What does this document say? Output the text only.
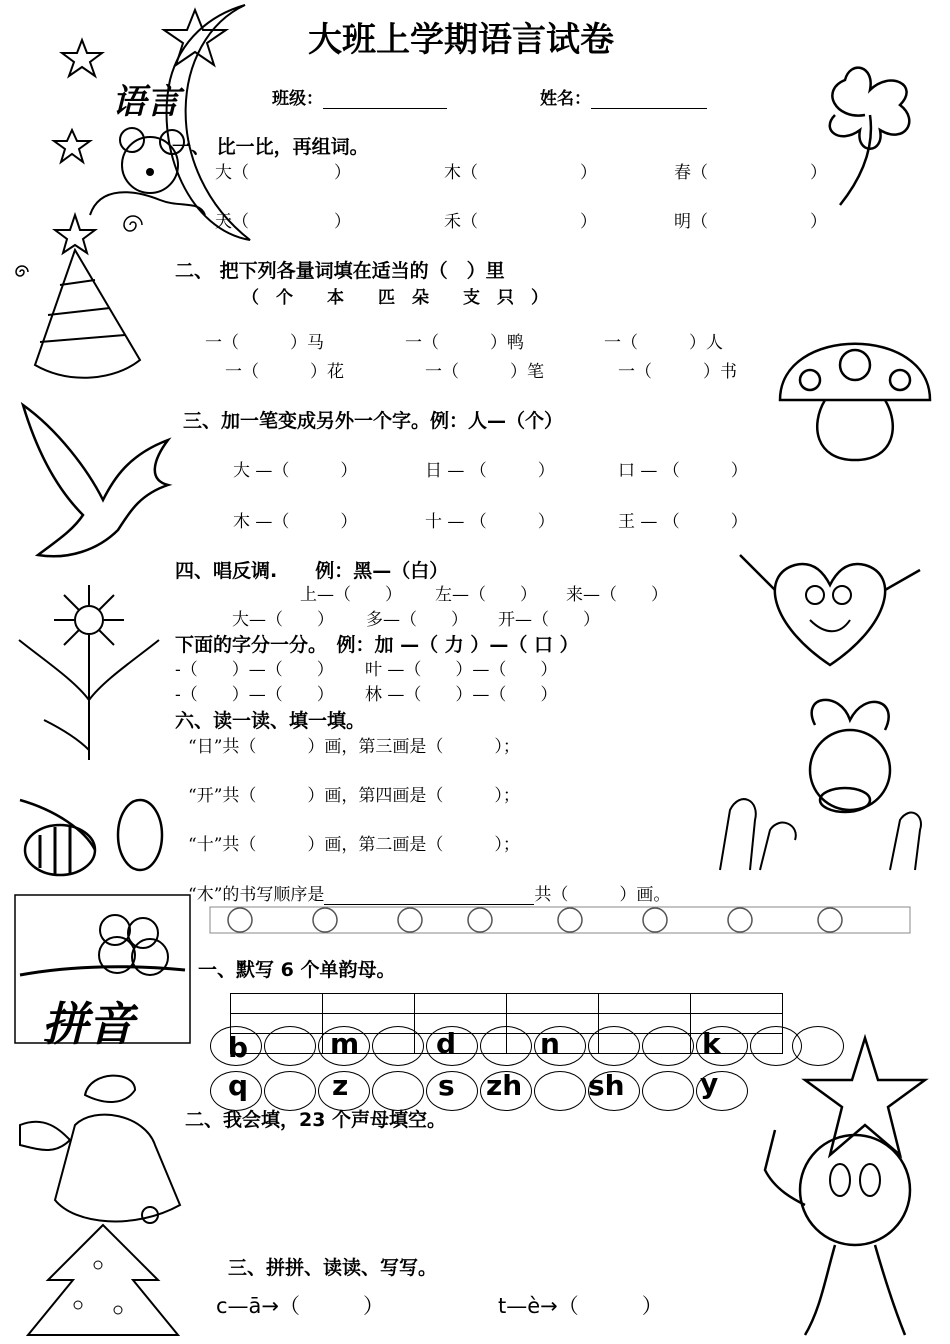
大班上学期语言试卷
语言	班级：	姓名：
一、 比一比，再组词。
大（　　　　　）	木（　　　　　　）	春（　　　　　　）
天（　　　　　）	禾（　　　　　　）	明（　　　　　　）
二、 把下列各量词填在适当的（　）里
（　个　　本　　匹　朵　　支　只　）
一（　　　）马	一（　　　）鸭	一（　　　）人
一（　　　）花	一（　　　）笔	一（　　　）书
三、加一笔变成另外一个字。例：人—（个）
大 —（　　　）	日 — （　　　）	口 — （　　　）
木 —（　　　）	十 — （　　　）	王 — （　　　）
四、唱反调.　　例：黑—（白）
上—（　　） 左—（　　） 来—（　　）
大—（　　） 多—（　　） 开—（　　）
下面的字分一分。　例：加 —（ 力 ）—（ 口 ）
-（　　）—（　　） 叶 —（　　）—（　　）
-（　　）—（　　） 林 —（　　）—（　　）
六、读一读、填一填。
“日”共（　　　）画，第三画是（　　　）；
“开”共（　　　）画，第四画是（　　　）；
“十”共（　　　）画，第二画是（　　　）；
“木”的书写顺序是	共（　　　）画。
拼音
一、默写 6 个单韵母。

b	m	d	n	k
q	z	s zh sh	y
二、我会填，23 个声母填空。
三、拼拼、读读、写写。
c—ā→（　　　）	t—è→（　　　）
